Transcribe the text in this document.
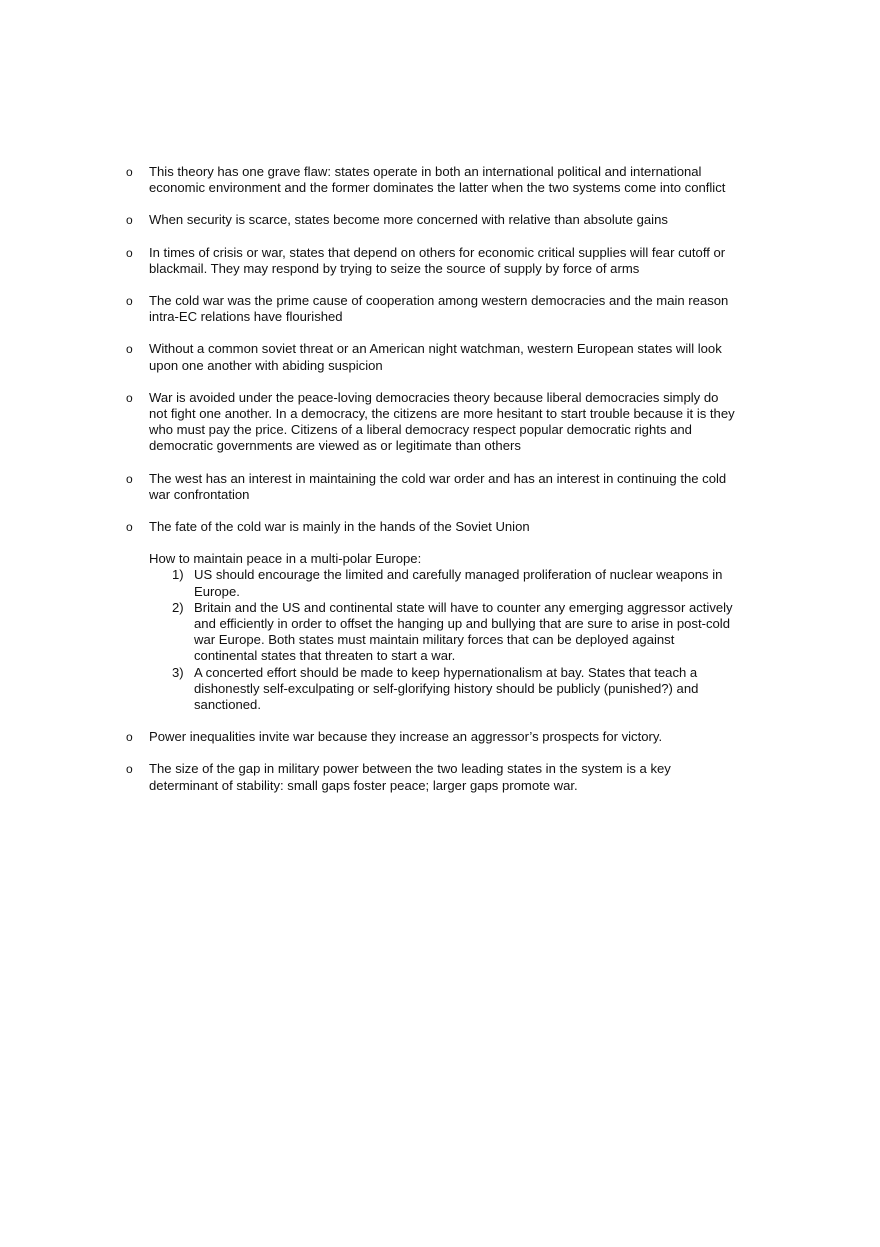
o This theory has one grave flaw: states operate in both an international political and international economic environment and the former dominates the latter when the two systems come into conflict
o When security is scarce, states become more concerned with relative than absolute gains
o In times of crisis or war, states that depend on others for economic critical supplies will fear cutoff or blackmail. They may respond by trying to seize the source of supply by force of arms
o The cold war was the prime cause of cooperation among western democracies and the main reason intra-EC relations have flourished
o Without a common soviet threat or an American night watchman, western European states will look upon one another with abiding suspicion
o War is avoided under the peace-loving democracies theory because liberal democracies simply do not fight one another. In a democracy, the citizens are more hesitant to start trouble because it is they who must pay the price. Citizens of a liberal democracy respect popular democratic rights and democratic governments are viewed as or legitimate than others
o The west has an interest in maintaining the cold war order and has an interest in continuing the cold war confrontation
o The fate of the cold war is mainly in the hands of the Soviet Union
How to maintain peace in a multi-polar Europe:
1) US should encourage the limited and carefully managed proliferation of nuclear weapons in Europe.
2) Britain and the US and continental state will have to counter any emerging aggressor actively and efficiently in order to offset the hanging up and bullying that are sure to arise in post-cold war Europe. Both states must maintain military forces that can be deployed against continental states that threaten to start a war.
3) A concerted effort should be made to keep hypernationalism at bay. States that teach a dishonestly self-exculpating or self-glorifying history should be publicly (punished?) and sanctioned.
o Power inequalities invite war because they increase an aggressor’s prospects for victory.
o The size of the gap in military power between the two leading states in the system is a key determinant of stability: small gaps foster peace; larger gaps promote war.
